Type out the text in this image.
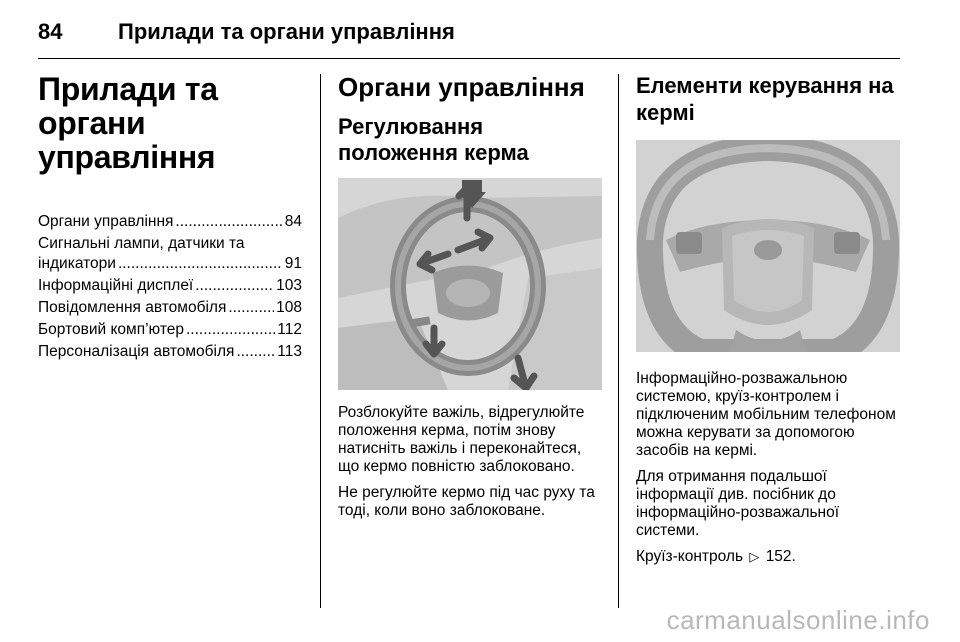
84	Прилади та органи управління
Прилади та органи управління
Органи управління .....	84
Сигнальні лампи, датчики та
індикатори .....	91
Інформаційні дисплеї .....	103
Повідомлення автомобіля .....	108
Бортовий комп’ютер .....	112
Персоналізація автомобіля .....	113
Органи управління
Регулювання положення керма

Розблокуйте важіль, відрегулюйте положення керма, потім знову натисніть важіль і переконайтеся, що кермо повністю заблоковано.

Не регулюйте кермо під час руху та тоді, коли воно заблоковане.

Елементи керування на кермі

Інформаційно-розважальною системою, круїз-контролем і підключеним мобільним телефоном можна керувати за допомогою засобів на кермі.

Для отримання подальшої інформації див. посібник до інформаційно-розважальної системи.

Круїз-контроль ▷ 152.

carmanualsonline.info
